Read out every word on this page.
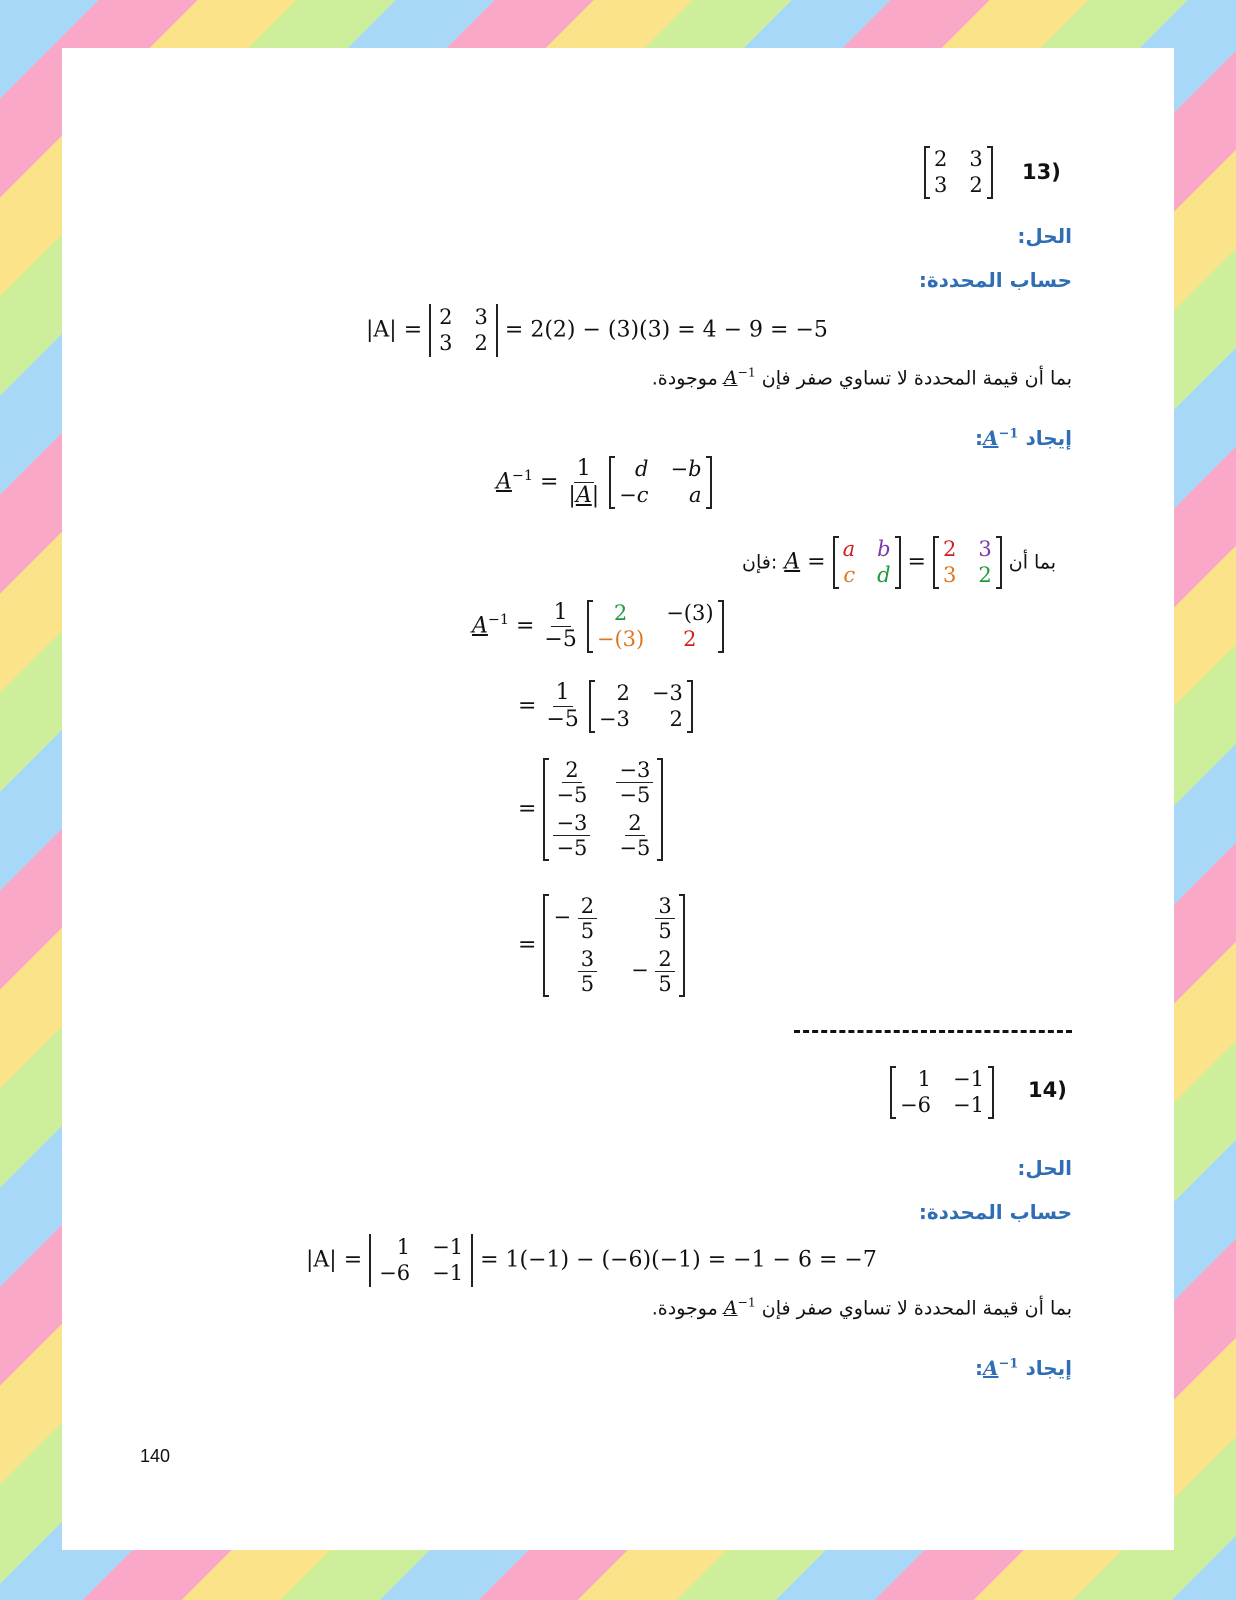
2 3
3 2
13)
الحل:
حساب المحددة:
|A| =
2 3
3 2
= 2(2) − (3)(3) = 4 − 9 = −5
بما أن قيمة المحددة لا تساوي صفر فإن $A^{-1}$ موجودة.
إيجاد $A^{-1}$:
$A^{-1} = \frac{1}{|A|}$
	d −b
−c	a
فإن: A =
a b
c d
=
2 3
3 2
بما أن
$A^{-1} = \frac{1}{-5}$
	2	−(3)
−(3)	2
= $\frac{1}{-5}$
	2 −3
−3	2
=
$\frac{2}{-5} \frac{-3}{-5}$
$\frac{-3}{-5} \frac{2}{-5}$
=
− $\frac{2}{5}$	$\frac{3}{5}$
$\frac{3}{5} - \frac{2}{5}$
1 −1
−6 −1
14)
الحل:
حساب المحددة:
|A| =
1 −1
−6 −1
= 1(−1) − (−6)(−1) = −1 − 6 = −7
بما أن قيمة المحددة لا تساوي صفر فإن $A^{-1}$ موجودة.
إيجاد $A^{-1}$:
140
